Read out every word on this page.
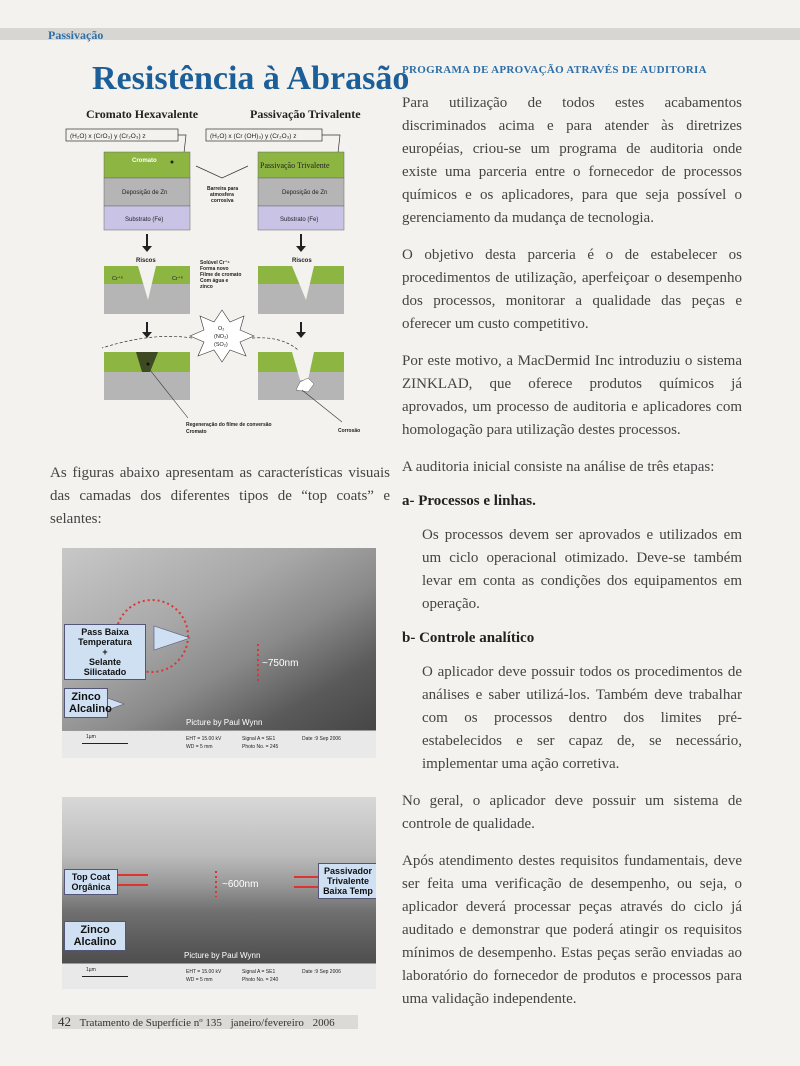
Passivação
Resistência à Abrasão
Cromato Hexavalente	Passivação Trivalente
(H₂O) x (CrO₃) y (Cr₂O₃) z	(H₂O) x (Cr (OH)₃) y (Cr₂O₃) z
Cromato
Deposição de Zn
Substrato (Fe)
Passivação Trivalente
Deposição de Zn
Substrato (Fe)
Barreira para
atmosfera
corrosiva
Riscos	Riscos
Cr⁺⁶	Cr⁺⁶
Solúvel Cr⁺⁶
Forma novo
Filme de cromato
Com água e
zinco
O₂
(NO₂)
(SO₂)
Regeneração do filme de conversão
Cromato	Corrosão
As figuras abaixo apresentam as características visuais das camadas dos diferentes tipos de “top coats” e selantes:
Pass Baixa
Temperatura
+
Selante Silicatado
Zinco
Alcalino
~750nm
Picture by Paul Wynn
1µm	EHT = 15.00 kV
WD = 5 mm
Signal A = SE1
Photo No. = 245
Date :9 Sep 2006
Top Coat
Orgânica
Passivador
Trivalente
Baixa Temp
Zinco
Alcalino
~600nm
Picture by Paul Wynn
1µm	EHT = 15.00 kV
WD = 5 mm
Signal A = SE1
Photo No. = 240
Date :9 Sep 2006
PROGRAMA DE APROVAÇÃO ATRAVÉS DE AUDITORIA

Para utilização de todos estes acabamentos discriminados acima e para atender às diretrizes européias, criou-se um programa de auditoria onde existe uma parceria entre o fornecedor de processos químicos e os aplicadores, para que seja possível o gerenciamento da mudança de tecnologia.

O objetivo desta parceria é o de estabelecer os procedimentos de utilização, aperfeiçoar o desempenho dos processos, monitorar a qualidade das peças e oferecer um custo competitivo.

Por este motivo, a MacDermid Inc introduziu o sistema ZINKLAD, que oferece produtos químicos já aprovados, um processo de auditoria e aplicadores com homologação para utilização destes processos.

A auditoria inicial consiste na análise de três etapas:

a- Processos e linhas.

Os processos devem ser aprovados e utilizados em um ciclo operacional otimizado. Deve-se também levar em conta as condições dos equipamentos em operação.

b- Controle analítico

O aplicador deve possuir todos os procedimentos de análises e saber utilizá-los. Também deve trabalhar com os processos dentro dos limites pré-estabelecidos e ser capaz de, se necessário, implementar uma ação corretiva.

No geral, o aplicador deve possuir um sistema de controle de qualidade.

Após atendimento destes requisitos fundamentais, deve ser feita uma verificação de desempenho, ou seja, o aplicador deverá processar peças através do ciclo já auditado e demonstrar que poderá atingir os requisitos mínimos de desempenho. Estas peças serão enviadas ao laboratório do fornecedor de produtos e processos para uma validação independente.

42 Tratamento de Superfície nº 135 janeiro/fevereiro 2006
